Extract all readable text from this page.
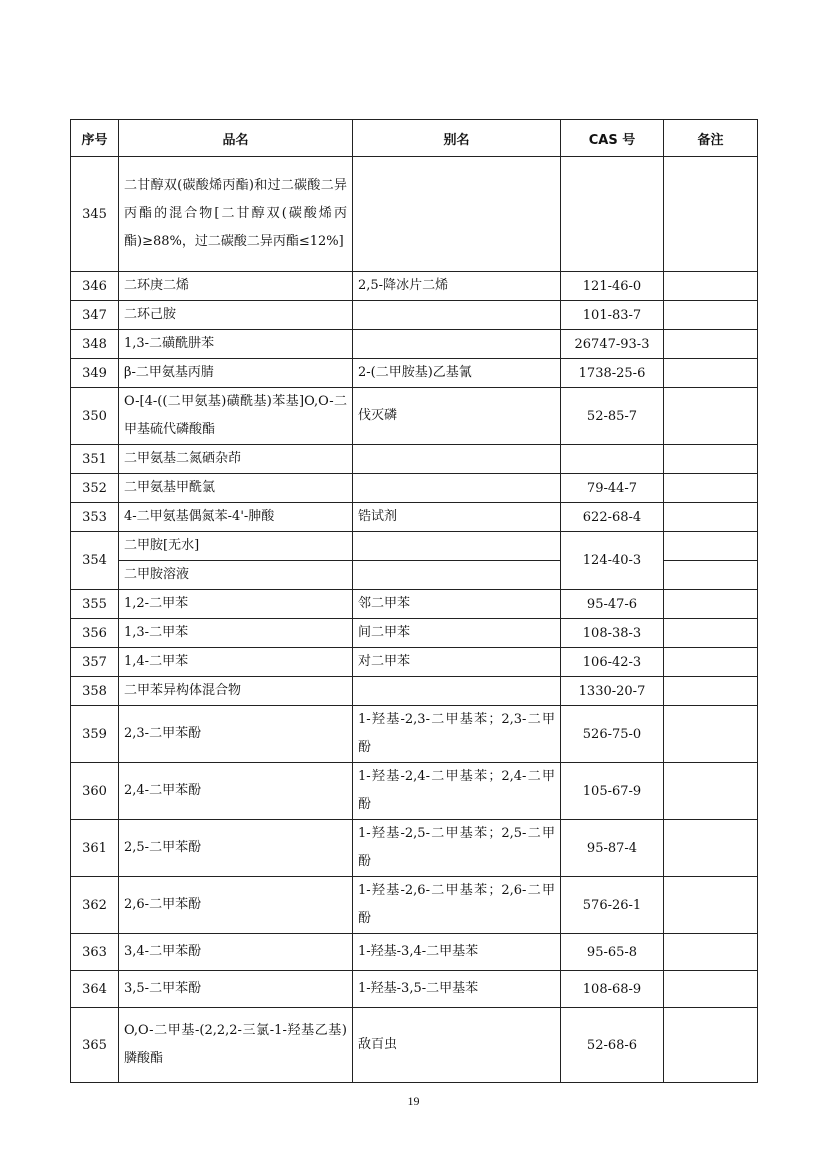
序号	品名	别名	CAS 号	备注
345	二甘醇双(碳酸烯丙酯)和过二碳酸二异丙酯的混合物[二甘醇双(碳酸烯丙酯)≥88%，过二碳酸二异丙酯≤12%]			

346	二环庚二烯	2,5-降冰片二烯	121-46-0	
347	二环己胺		101-83-7	
348	1,3-二磺酰肼苯		26747-93-3	
349	β-二甲氨基丙腈	2-(二甲胺基)乙基氰	1738-25-6	
350	O-[4-((二甲氨基)磺酰基)苯基]O,O-二甲基硫代磷酸酯	伐灭磷	52-85-7	
351	二甲氨基二氮硒杂茚			
352	二甲氨基甲酰氯		79-44-7	
353	4-二甲氨基偶氮苯-4'-胂酸	锆试剂	622-68-4	
354	二甲胺[无水]		124-40-3	
	二甲胺溶液			
355	1,2-二甲苯	邻二甲苯	95-47-6	
356	1,3-二甲苯	间二甲苯	108-38-3	
357	1,4-二甲苯	对二甲苯	106-42-3	
358	二甲苯异构体混合物		1330-20-7	
359	2,3-二甲苯酚	1-羟基-2,3-二甲基苯；2,3-二甲酚	526-75-0	
360	2,4-二甲苯酚	1-羟基-2,4-二甲基苯；2,4-二甲酚	105-67-9	
361	2,5-二甲苯酚	1-羟基-2,5-二甲基苯；2,5-二甲酚	95-87-4	
362	2,6-二甲苯酚	1-羟基-2,6-二甲基苯；2,6-二甲酚	576-26-1	
363	3,4-二甲苯酚	1-羟基-3,4-二甲基苯	95-65-8	
364	3,5-二甲苯酚	1-羟基-3,5-二甲基苯	108-68-9	
365	O,O-二甲基-(2,2,2-三氯-1-羟基乙基)膦酸酯	敌百虫	52-68-6	
19
